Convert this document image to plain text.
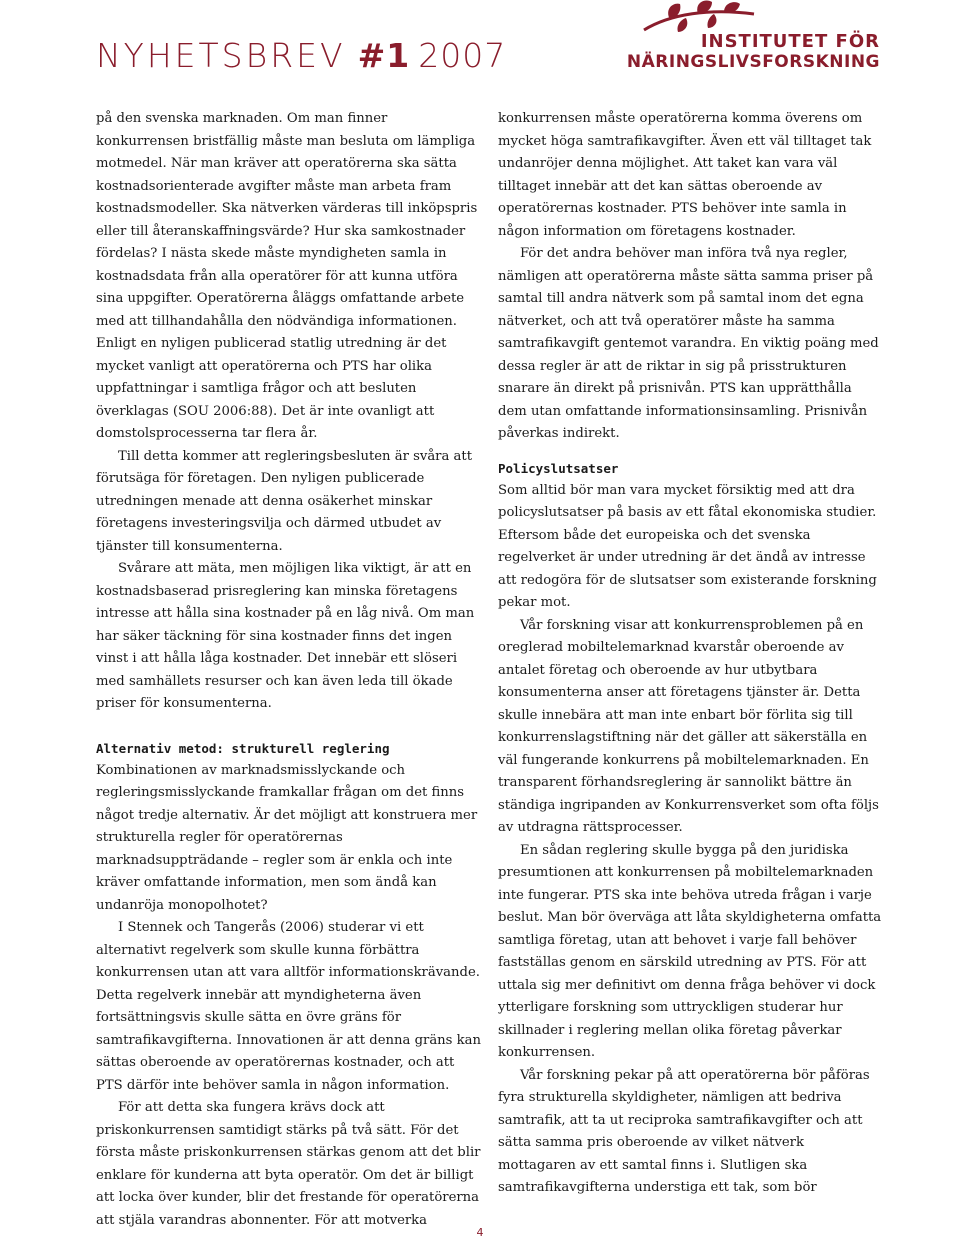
NYHETSBREV #1 2007	INSTITUTET FÖR
NÄRINGSLIVSFORSKNING

på den svenska marknaden. Om man finner konkurrensen bristfällig måste man besluta om lämpliga motmedel. När man kräver att operatörerna ska sätta kostnadsorienterade avgifter måste man arbeta fram kostnadsmodeller. Ska nätverken värderas till inköpspris eller till återanskaffningsvärde? Hur ska samkostnader fördelas? I nästa skede måste myndigheten samla in kostnadsdata från alla operatörer för att kunna utföra sina uppgifter. Operatörerna åläggs omfattande arbete med att tillhandahålla den nödvändiga informationen. Enligt en nyligen publicerad statlig utredning är det mycket vanligt att operatörerna och PTS har olika uppfattningar i samtliga frågor och att besluten överklagas (SOU 2006:88). Det är inte ovanligt att domstolsprocesserna tar flera år.

Till detta kommer att regleringsbesluten är svåra att förutsäga för företagen. Den nyligen publicerade utredningen menade att denna osäkerhet minskar företagens investeringsvilja och därmed utbudet av tjänster till konsumenterna.

Svårare att mäta, men möjligen lika viktigt, är att en kostnadsbaserad prisreglering kan minska företagens intresse att hålla sina kostnader på en låg nivå. Om man har säker täckning för sina kostnader finns det ingen vinst i att hålla låga kostnader. Det innebär ett slöseri med samhällets resurser och kan även leda till ökade priser för konsumenterna.

Alternativ metod: strukturell reglering

Kombinationen av marknadsmisslyckande och regleringsmisslyckande framkallar frågan om det finns något tredje alternativ. Är det möjligt att konstruera mer strukturella regler för operatörernas marknadsuppträdande – regler som är enkla och inte kräver omfattande information, men som ändå kan undanröja monopolhotet?

I Stennek och Tangerås (2006) studerar vi ett alternativt regelverk som skulle kunna förbättra konkurrensen utan att vara alltför informationskrävande. Detta regelverk innebär att myndigheterna även fortsättningsvis skulle sätta en övre gräns för samtrafikavgifterna. Innovationen är att denna gräns kan sättas oberoende av operatörernas kostnader, och att PTS därför inte behöver samla in någon information.

För att detta ska fungera krävs dock att priskonkurrensen samtidigt stärks på två sätt. För det första måste priskonkurrensen stärkas genom att det blir enklare för kunderna att byta operatör. Om det är billigt att locka över kunder, blir det frestande för operatörerna att stjäla varandras abonnenter. För att motverka

konkurrensen måste operatörerna komma överens om mycket höga samtrafikavgifter. Även ett väl tilltaget tak undanröjer denna möjlighet. Att taket kan vara väl tilltaget innebär att det kan sättas oberoende av operatörernas kostnader. PTS behöver inte samla in någon information om företagens kostnader.

För det andra behöver man införa två nya regler, nämligen att operatörerna måste sätta samma priser på samtal till andra nätverk som på samtal inom det egna nätverket, och att två operatörer måste ha samma samtrafikavgift gentemot varandra. En viktig poäng med dessa regler är att de riktar in sig på prisstrukturen snarare än direkt på prisnivån. PTS kan upprätthålla dem utan omfattande informationsinsamling. Prisnivån påverkas indirekt.

Policyslutsatser

Som alltid bör man vara mycket försiktig med att dra policyslutsatser på basis av ett fåtal ekonomiska studier. Eftersom både det europeiska och det svenska regelverket är under utredning är det ändå av intresse att redogöra för de slutsatser som existerande forskning pekar mot.

Vår forskning visar att konkurrensproblemen på en oreglerad mobiltelemarknad kvarstår oberoende av antalet företag och oberoende av hur utbytbara konsumenterna anser att företagens tjänster är. Detta skulle innebära att man inte enbart bör förlita sig till konkurrenslagstiftning när det gäller att säkerställa en väl fungerande konkurrens på mobiltelemarknaden. En transparent förhandsreglering är sannolikt bättre än ständiga ingripanden av Konkurrensverket som ofta följs av utdragna rättsprocesser.

En sådan reglering skulle bygga på den juridiska presumtionen att konkurrensen på mobiltelemarknaden inte fungerar. PTS ska inte behöva utreda frågan i varje beslut. Man bör överväga att låta skyldigheterna omfatta samtliga företag, utan att behovet i varje fall behöver fastställas genom en särskild utredning av PTS. För att uttala sig mer definitivt om denna fråga behöver vi dock ytterligare forskning som uttryckligen studerar hur skillnader i reglering mellan olika företag påverkar konkurrensen.

Vår forskning pekar på att operatörerna bör påföras fyra strukturella skyldigheter, nämligen att bedriva samtrafik, att ta ut reciproka samtrafikavgifter och att sätta samma pris oberoende av vilket nätverk mottagaren av ett samtal finns i. Slutligen ska samtrafikavgifterna understiga ett tak, som bör

4
